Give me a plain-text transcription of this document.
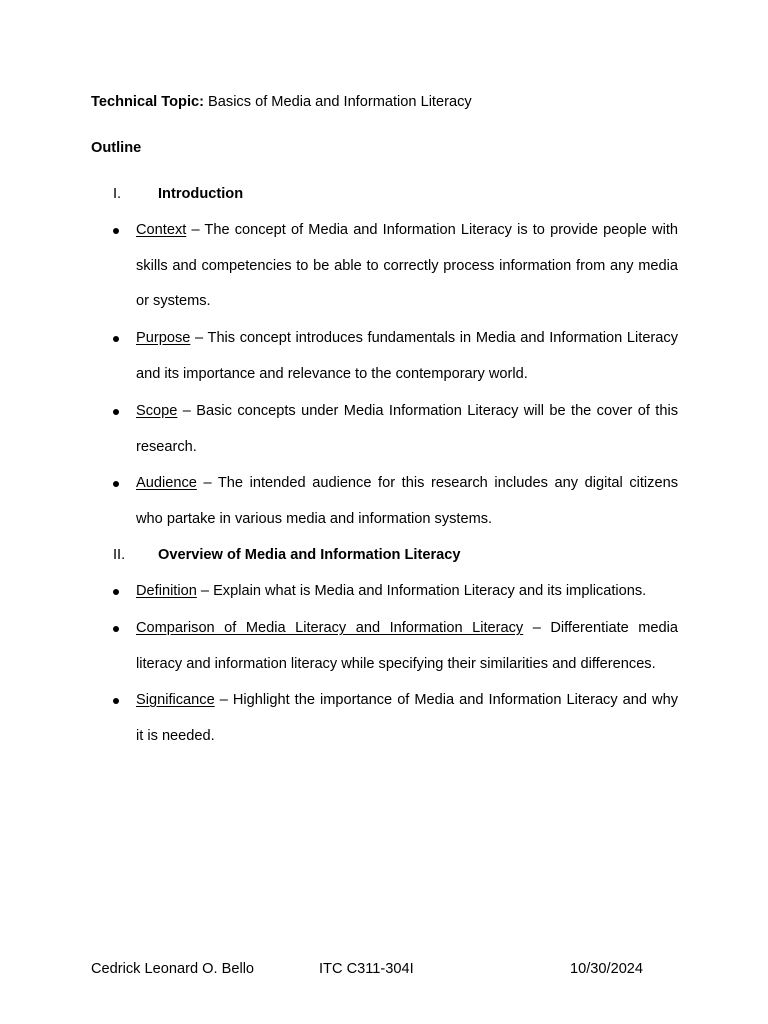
Technical Topic: Basics of Media and Information Literacy
Outline
I.	Introduction
Context – The concept of Media and Information Literacy is to provide people with skills and competencies to be able to correctly process information from any media or systems.
Purpose – This concept introduces fundamentals in Media and Information Literacy and its importance and relevance to the contemporary world.
Scope – Basic concepts under Media Information Literacy will be the cover of this research.
Audience – The intended audience for this research includes any digital citizens who partake in various media and information systems.
II. Overview of Media and Information Literacy
Definition – Explain what is Media and Information Literacy and its implications.
Comparison of Media Literacy and Information Literacy – Differentiate media literacy and information literacy while specifying their similarities and differences.
Significance – Highlight the importance of Media and Information Literacy and why it is needed.
Cedrick Leonard O. Bello	ITC C311-304I	10/30/2024
